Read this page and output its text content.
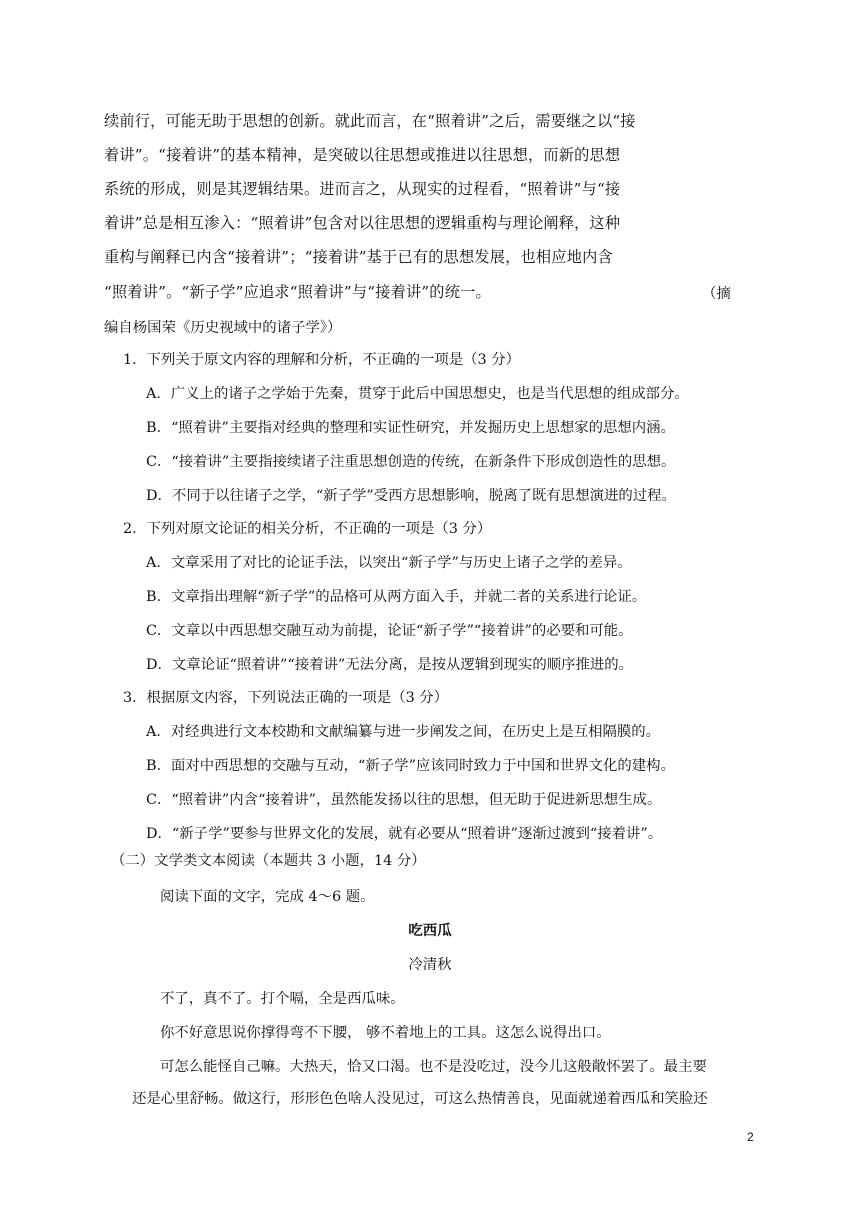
续前行，可能无助于思想的创新。就此而言，在“照着讲”之后，需要继之以“接
着讲”。“接着讲”的基本精神，是突破以往思想或推进以往思想，而新的思想
系统的形成，则是其逻辑结果。进而言之，从现实的过程看，“照着讲”与“接
着讲”总是相互渗入：“照着讲”包含对以往思想的逻辑重构与理论阐释，这种
重构与阐释已内含“接着讲”；“接着讲”基于已有的思想发展，也相应地内含
“照着讲”。“新子学”应追求“照着讲”与“接着讲”的统一。	（摘
编自杨国荣《历史视域中的诸子学》）
1．下列关于原文内容的理解和分析，不正确的一项是（3 分）
A．广义上的诸子之学始于先秦，贯穿于此后中国思想史，也是当代思想的组成部分。
B．“照着讲”主要指对经典的整理和实证性研究，并发掘历史上思想家的思想内涵。
C．“接着讲”主要指接续诸子注重思想创造的传统，在新条件下形成创造性的思想。
D．不同于以往诸子之学，“新子学”受西方思想影响，脱离了既有思想演进的过程。
2．下列对原文论证的相关分析，不正确的一项是（3 分）
A．文章采用了对比的论证手法，以突出“新子学”与历史上诸子之学的差异。
B．文章指出理解“新子学”的品格可从两方面入手，并就二者的关系进行论证。
C．文章以中西思想交融互动为前提，论证“新子学”“接着讲”的必要和可能。
D．文章论证“照着讲”“接着讲”无法分离，是按从逻辑到现实的顺序推进的。
3．根据原文内容，下列说法正确的一项是（3 分）
A．对经典进行文本校勘和文献编纂与进一步阐发之间，在历史上是互相隔膜的。
B．面对中西思想的交融与互动，“新子学”应该同时致力于中国和世界文化的建构。
C．“照着讲”内含“接着讲”，虽然能发扬以往的思想，但无助于促进新思想生成。
D．“新子学”要参与世界文化的发展，就有必要从“照着讲”逐渐过渡到“接着讲”。
（二）文学类文本阅读（本题共 3 小题，14 分）
阅读下面的文字，完成 4～6 题。
吃西瓜
冷清秋
不了，真不了。打个嗝，全是西瓜味。
你不好意思说你撑得弯不下腰， 够不着地上的工具。这怎么说得出口。
可怎么能怪自己嘛。大热天，恰又口渴。也不是没吃过，没今儿这般敞怀罢了。最主要
还是心里舒畅。做这行，形形色色啥人没见过，可这么热情善良，见面就递着西瓜和笑脸还
2
